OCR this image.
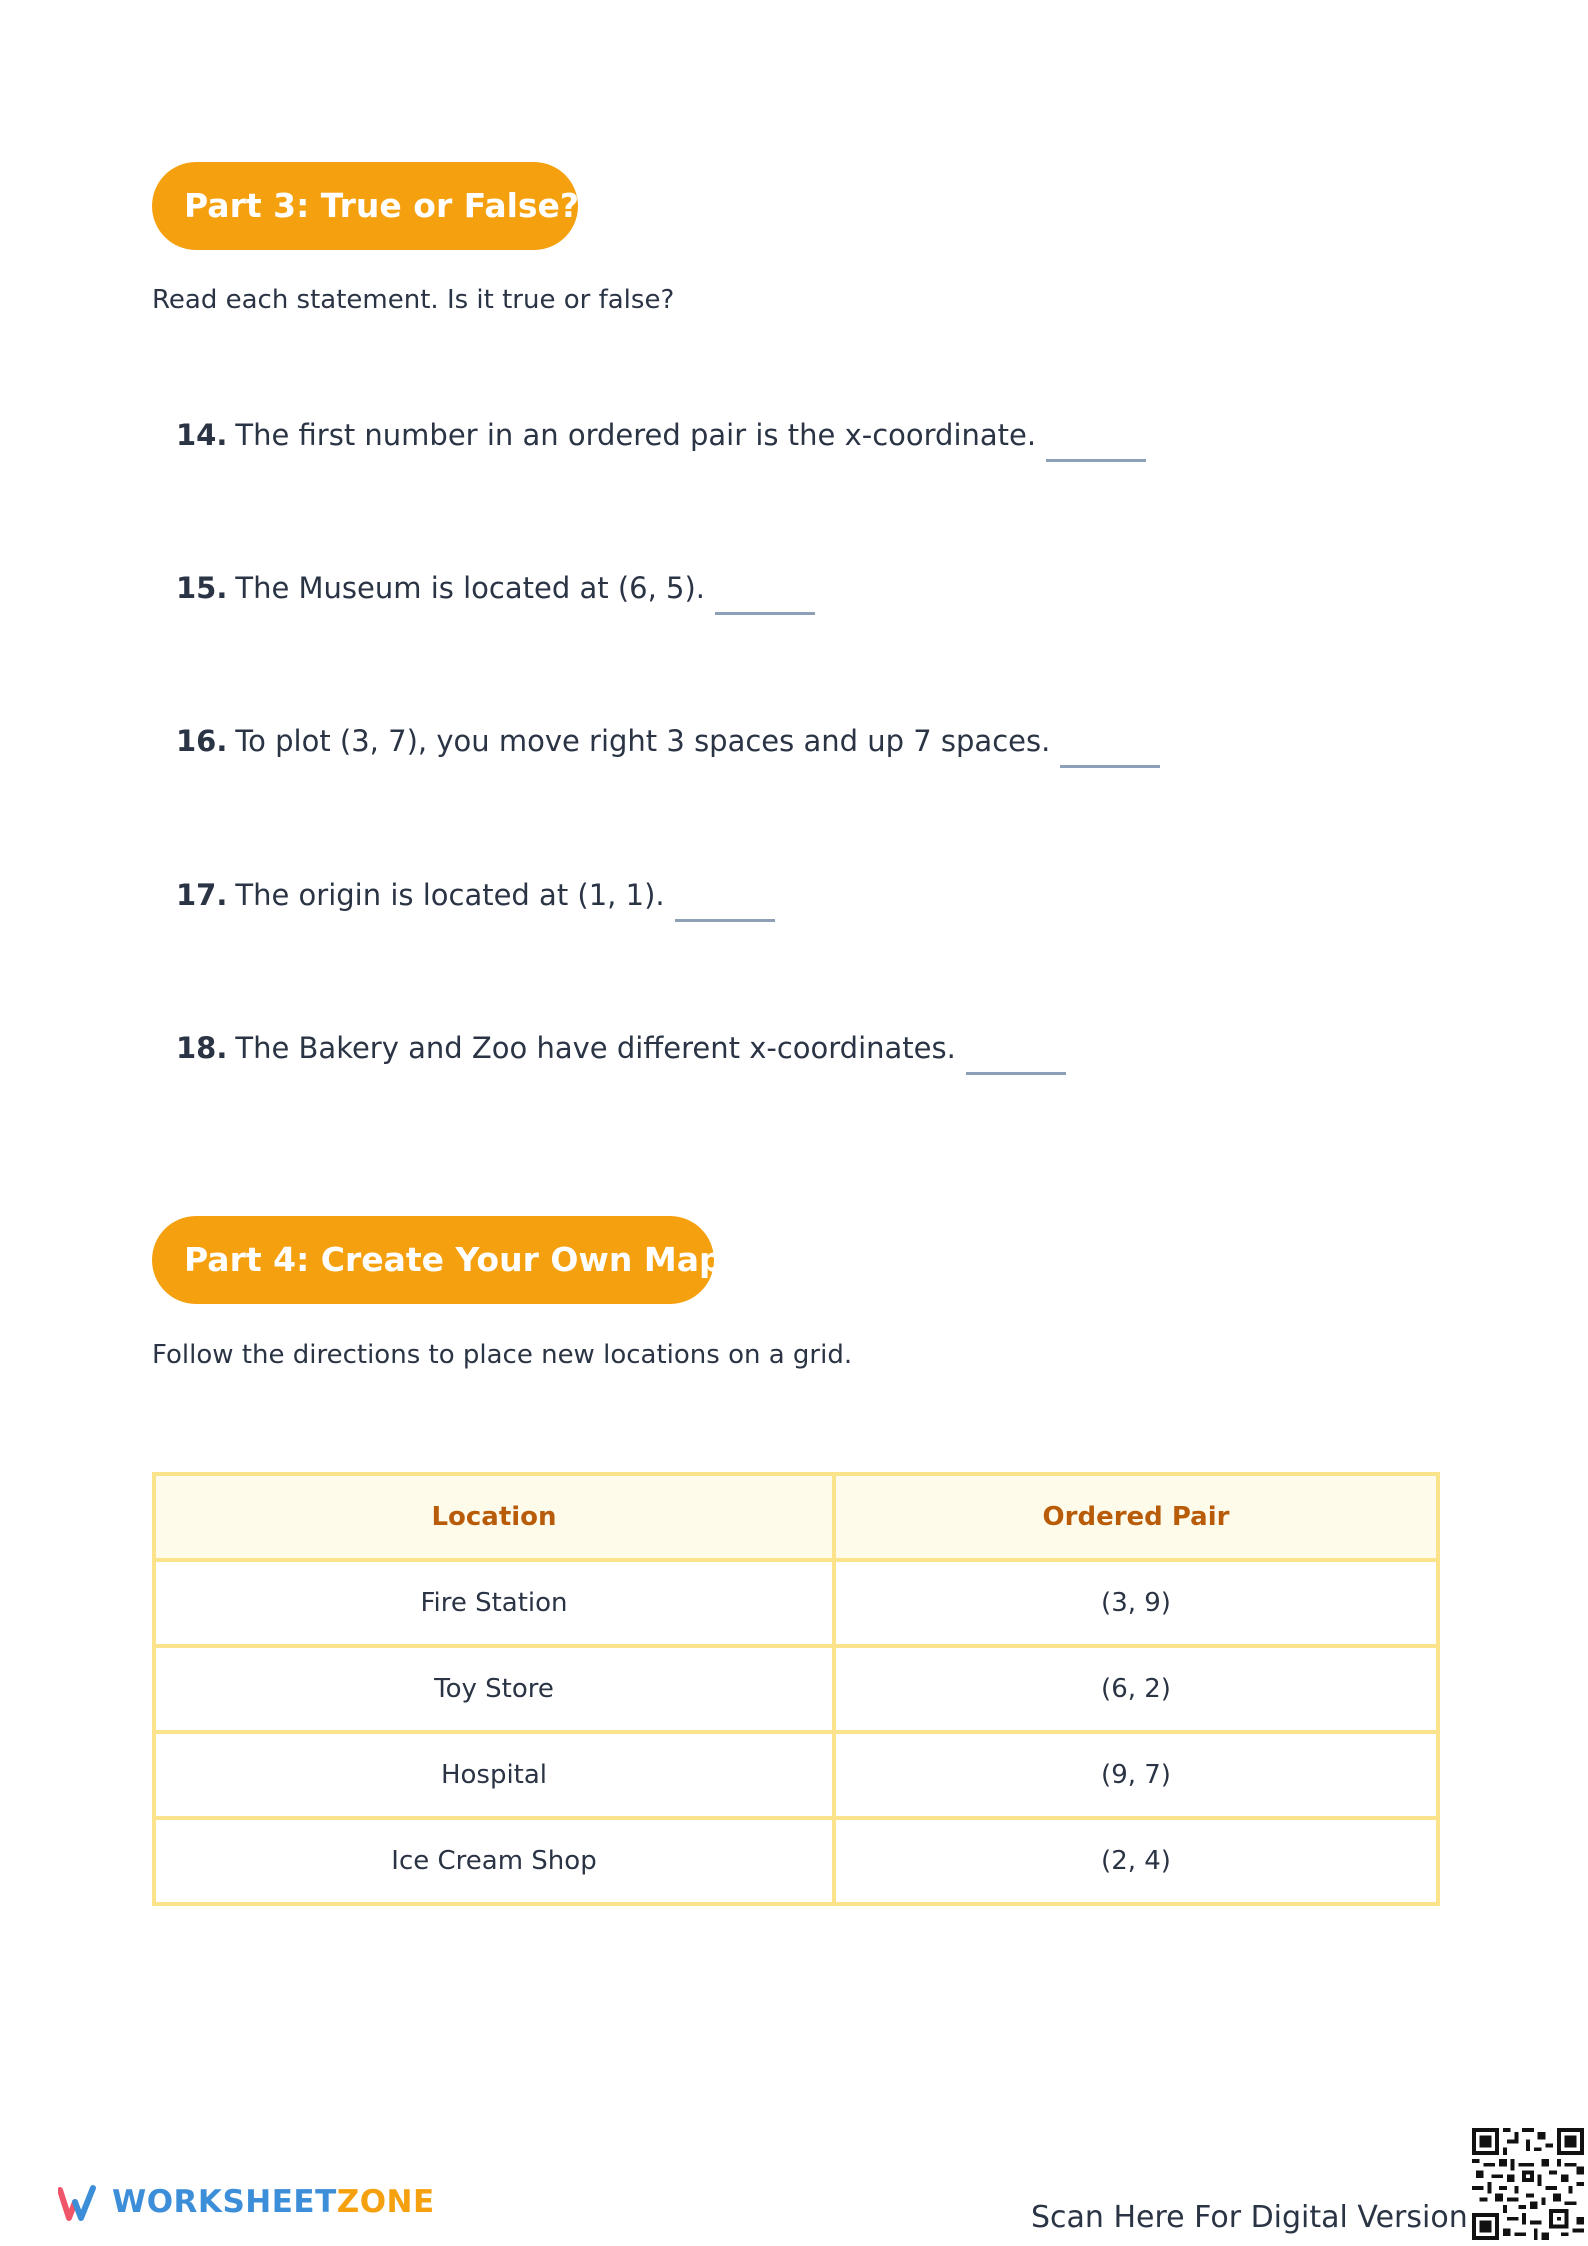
Part 3: True or False?
Read each statement. Is it true or false?
14. The first number in an ordered pair is the x-coordinate.
15. The Museum is located at (6, 5).
16. To plot (3, 7), you move right 3 spaces and up 7 spaces.
17. The origin is located at (1, 1).
18. The Bakery and Zoo have different x-coordinates.
Part 4: Create Your Own Map
Follow the directions to place new locations on a grid.
Location	Ordered Pair
Fire Station	(3, 9)
Toy Store	(6, 2)
Hospital	(9, 7)
Ice Cream Shop	(2, 4)
WORKSHEETZONE	Scan Here For Digital Version
